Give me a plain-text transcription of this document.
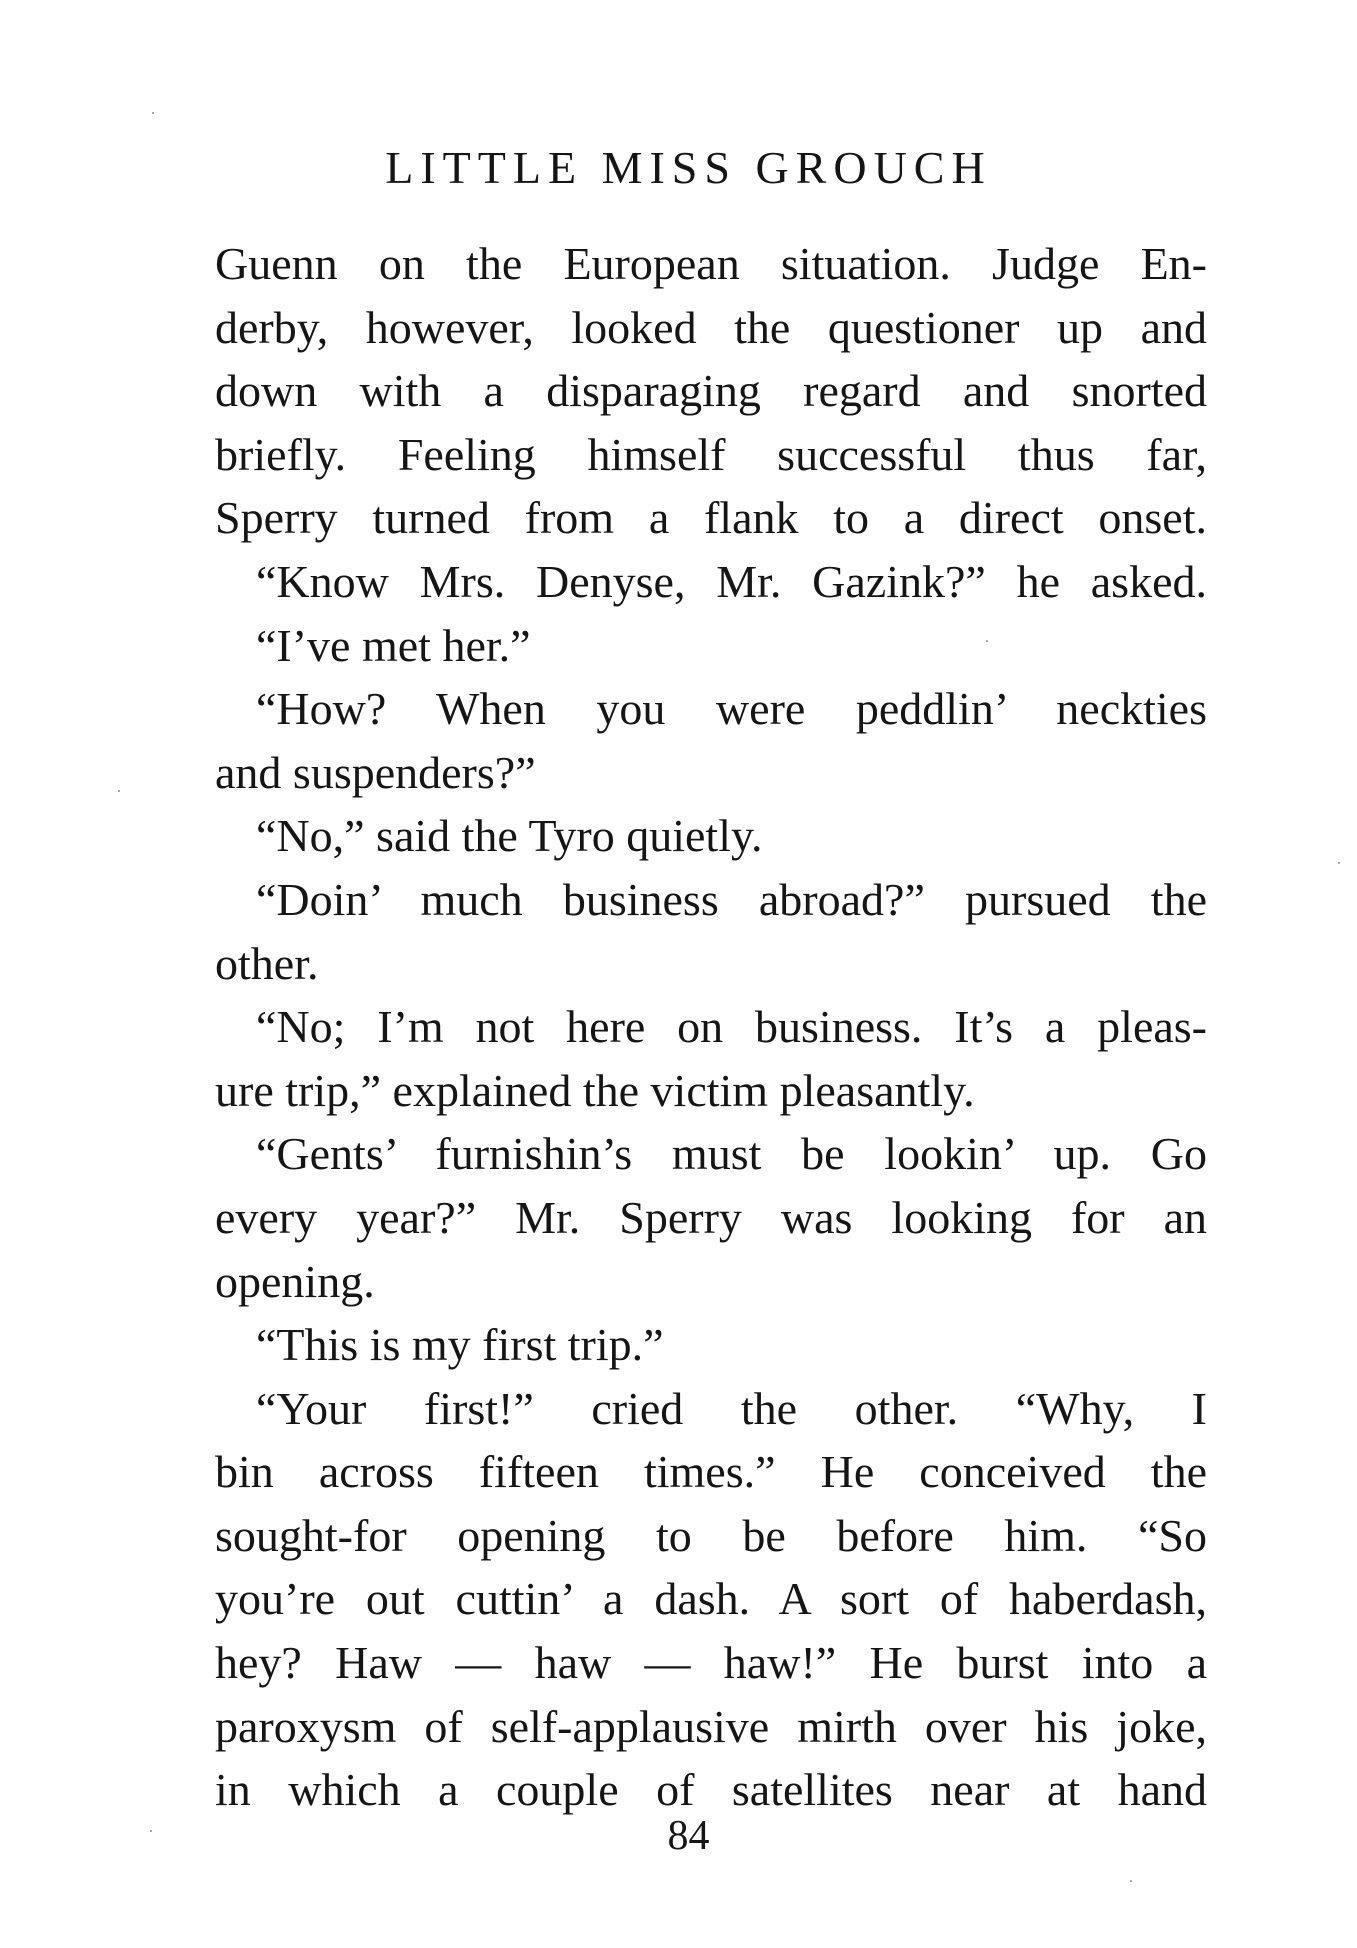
LITTLE MISS GROUCH
Guenn on the European situation. Judge En-
derby, however, looked the questioner up and
down with a disparaging regard and snorted
briefly. Feeling himself successful thus far,
Sperry turned from a flank to a direct onset.
“Know Mrs. Denyse, Mr. Gazink?” he asked.
“I’ve met her.”
“How? When you were peddlin’ neckties
and suspenders?”
“No,” said the Tyro quietly.
“Doin’ much business abroad?” pursued the
other.
“No; I’m not here on business. It’s a pleas-
ure trip,” explained the victim pleasantly.
“Gents’ furnishin’s must be lookin’ up. Go
every year?” Mr. Sperry was looking for an
opening.
“This is my first trip.”
“Your first!” cried the other. “Why, I
bin across fifteen times.” He conceived the
sought-for opening to be before him. “So
you’re out cuttin’ a dash. A sort of haberdash,
hey? Haw — haw — haw!” He burst into a
paroxysm of self-applausive mirth over his joke,
in which a couple of satellites near at hand
84
